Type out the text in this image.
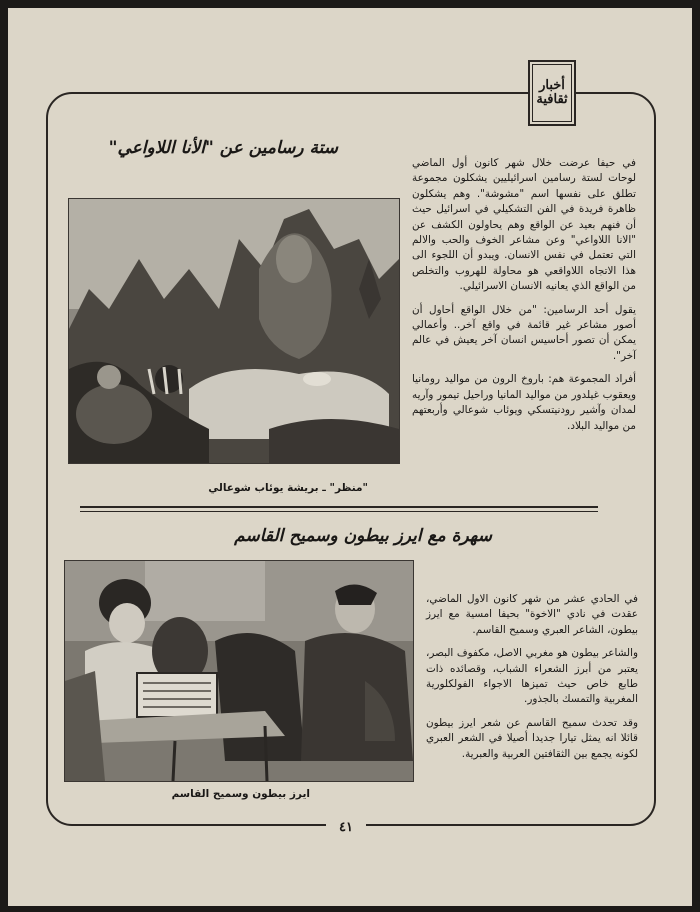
أخبار
ثقافية
ستة رسامين عن "الأنا اللاواعي"

في حيفا عرضت خلال شهر كانون أول الماضي لوحات لستة رسامين اسرائيليين يشكلون مجموعة تطلق على نفسها اسم "مشوشة". وهم يشكلون ظاهرة فريدة في الفن التشكيلي في اسرائيل حيث أن فنهم بعيد عن الواقع وهم يحاولون الكشف عن "الانا اللاواعي" وعن مشاعر الخوف والحب والالم التي تعتمل في نفس الانسان. ويبدو أن اللجوء الى هذا الاتجاه اللاواقعي هو محاولة للهروب والتخلص من الواقع الذي يعانيه الانسان الاسرائيلي.

يقول أحد الرسامين: "من خلال الواقع أحاول أن أصور مشاعر غير قائمة في واقع آخر.. وأعمالي يمكن أن تصور أحاسيس انسان آخر يعيش في عالم آخر".

أفراد المجموعة هم: باروخ الرون من مواليد رومانيا ويعقوب غيلدور من مواليد المانيا وراحيل تيمور وآريه لمدان وآشير رودنيتسكي ويوئاب شوعالي وأربعتهم من مواليد البلاد.

"منظر" ـ بريشة يوئاب شوعالي
سهرة مع ايرز بيطون وسميح القاسم

في الحادي عشر من شهر كانون الاول الماضي، عقدت في نادي "الاخوة" بحيفا امسية مع ايرز بيطون، الشاعر العبري وسميح القاسم.

والشاعر بيطون هو مغربي الاصل، مكفوف البصر، يعتبر من أبرز الشعراء الشباب، وقصائده ذات طابع خاص حيث تميزها الاجواء الفولكلورية المغربية والتمسك بالجذور.

وقد تحدث سميح القاسم عن شعر ايرز بيطون قائلا انه يمثل تيارا جديدا أصيلا في الشعر العبري لكونه يجمع بين الثقافتين العربية والعبرية.

ايرز بيطون وسميح القاسم
٤١
